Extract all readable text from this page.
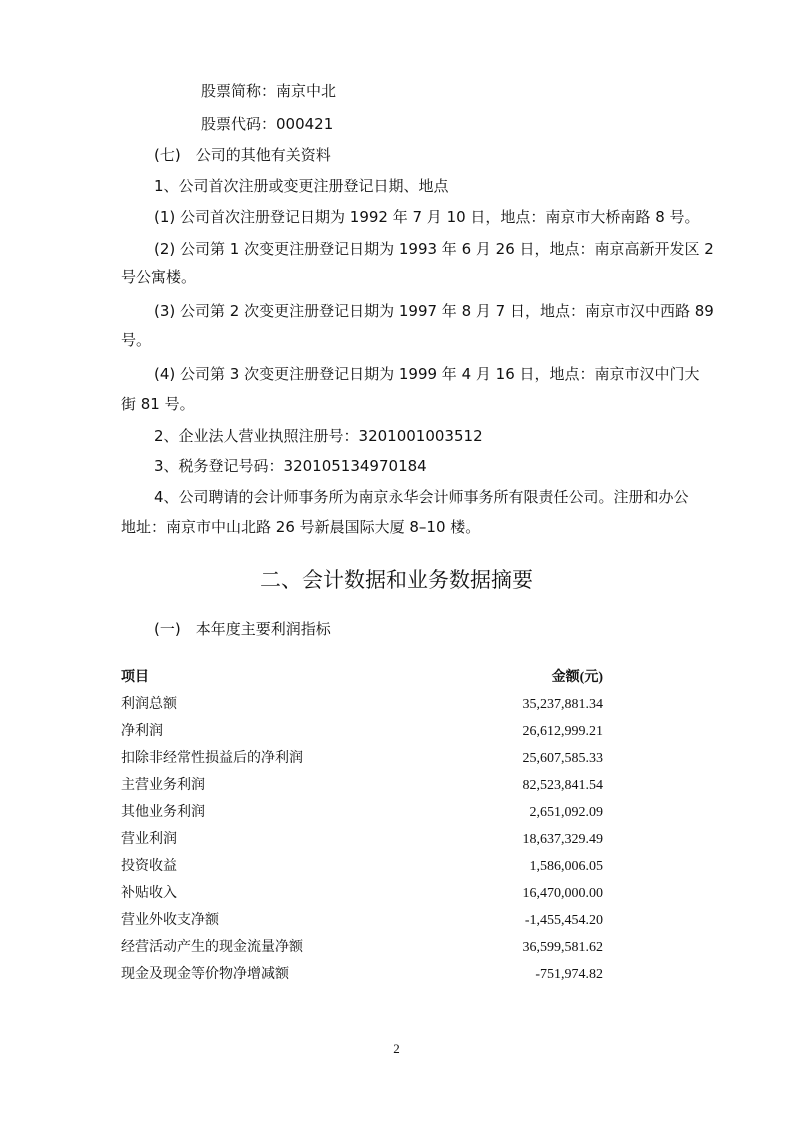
股票简称：南京中北
股票代码：000421
(七)　公司的其他有关资料
1、公司首次注册或变更注册登记日期、地点
(1) 公司首次注册登记日期为 1992 年 7 月 10 日，地点：南京市大桥南路 8 号。
(2) 公司第 1 次变更注册登记日期为 1993 年 6 月 26 日，地点：南京高新开发区 2
号公寓楼。
(3) 公司第 2 次变更注册登记日期为 1997 年 8 月 7 日，地点：南京市汉中西路 89
号。
(4) 公司第 3 次变更注册登记日期为 1999 年 4 月 16 日，地点：南京市汉中门大
街 81 号。
2、企业法人营业执照注册号：3201001003512
3、税务登记号码：320105134970184
4、公司聘请的会计师事务所为南京永华会计师事务所有限责任公司。注册和办公
地址：南京市中山北路 26 号新晨国际大厦 8–10 楼。
二、会计数据和业务数据摘要
(一)　本年度主要利润指标
项目	金额(元)
利润总额	35,237,881.34
净利润	26,612,999.21
扣除非经常性损益后的净利润	25,607,585.33
主营业务利润	82,523,841.54
其他业务利润	2,651,092.09
营业利润	18,637,329.49
投资收益	1,586,006.05
补贴收入	16,470,000.00
营业外收支净额	-1,455,454.20
经营活动产生的现金流量净额	36,599,581.62
现金及现金等价物净增减额	-751,974.82
2
